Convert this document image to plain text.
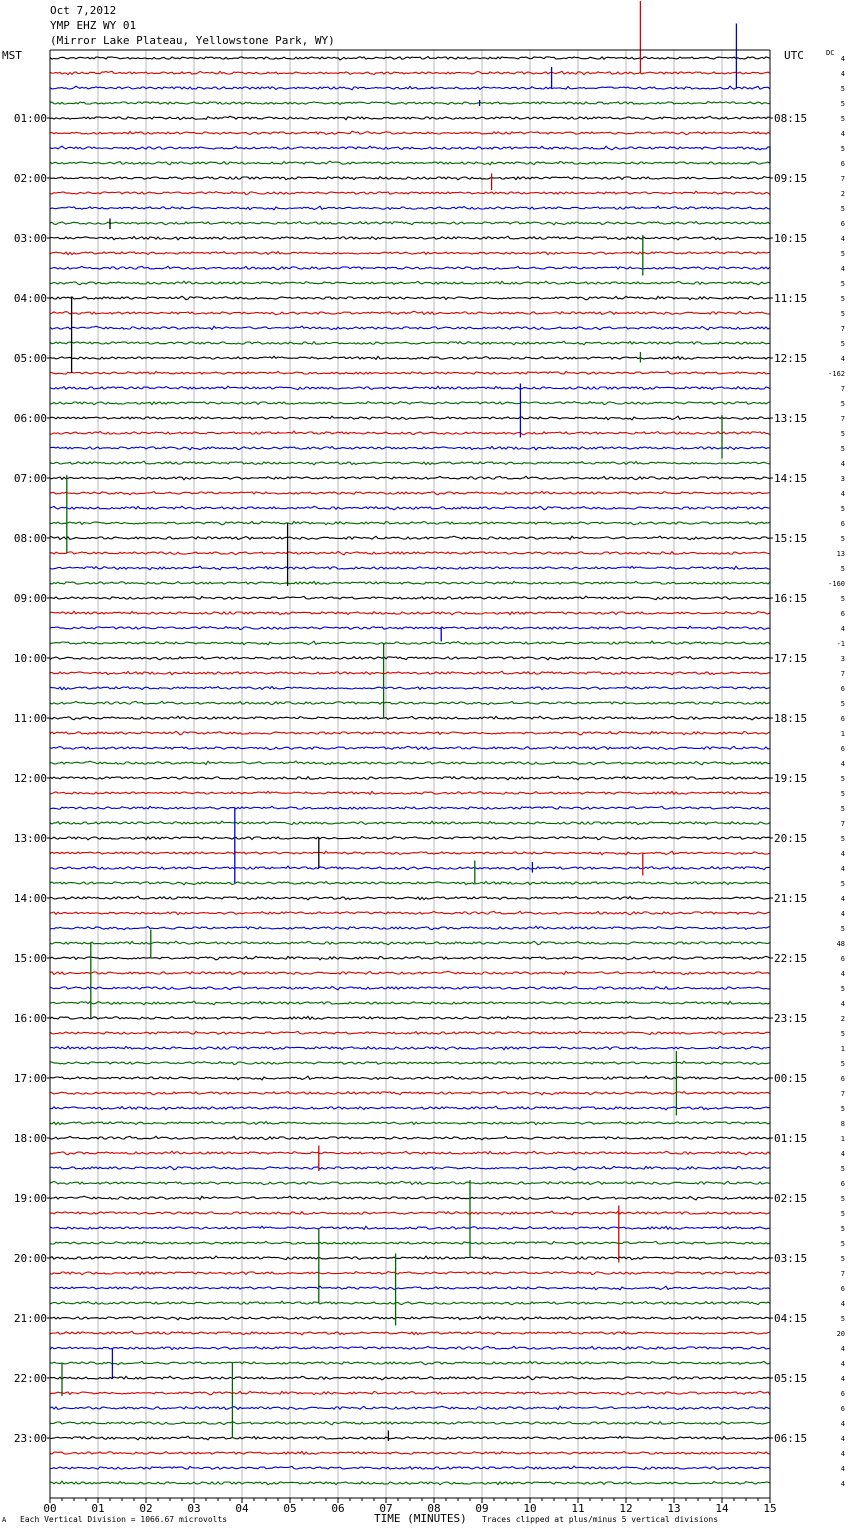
4
4
5
5
5
4
5
6
7
2
5
6
4
5
4
5
5
5
7
5
4
-162
7
5
7
5
5
4
3
4
5
6
5
13
5
-160
5
6
4
-1
3
7
6
5
6
1
6
4
5
5
5
7
5
4
4
5
4
4
5
48
6
4
5
4
2
5
1
5
6
7
5
8
1
4
5
6
5
5
5
5
5
7
6
4
5
20
4
4
4
6
6
4
4
4
4
4
00	01	02	03	04	05	06	07	08	09	10	11	12	13	14	15
01:00
02:00
03:00
04:00
05:00
06:00
07:00
08:00
09:00
10:00
11:00
12:00
13:00
14:00
15:00
16:00
17:00
18:00
19:00
20:00
21:00
22:00
23:00
08:15
09:15
10:15
11:15
12:15
13:15
14:15
15:15
16:15
17:15
18:15
19:15
20:15
21:15
22:15
23:15
00:15
01:15
02:15
03:15
04:15
05:15
06:15
Oct 7,2012
YMP EHZ WY 01
(Mirror Lake Plateau, Yellowstone Park, WY)
MST	UTC	DC
A Each Vertical Division = 1066.67 microvolts	TIME (MINUTES) Traces clipped at plus/minus 5 vertical divisions
